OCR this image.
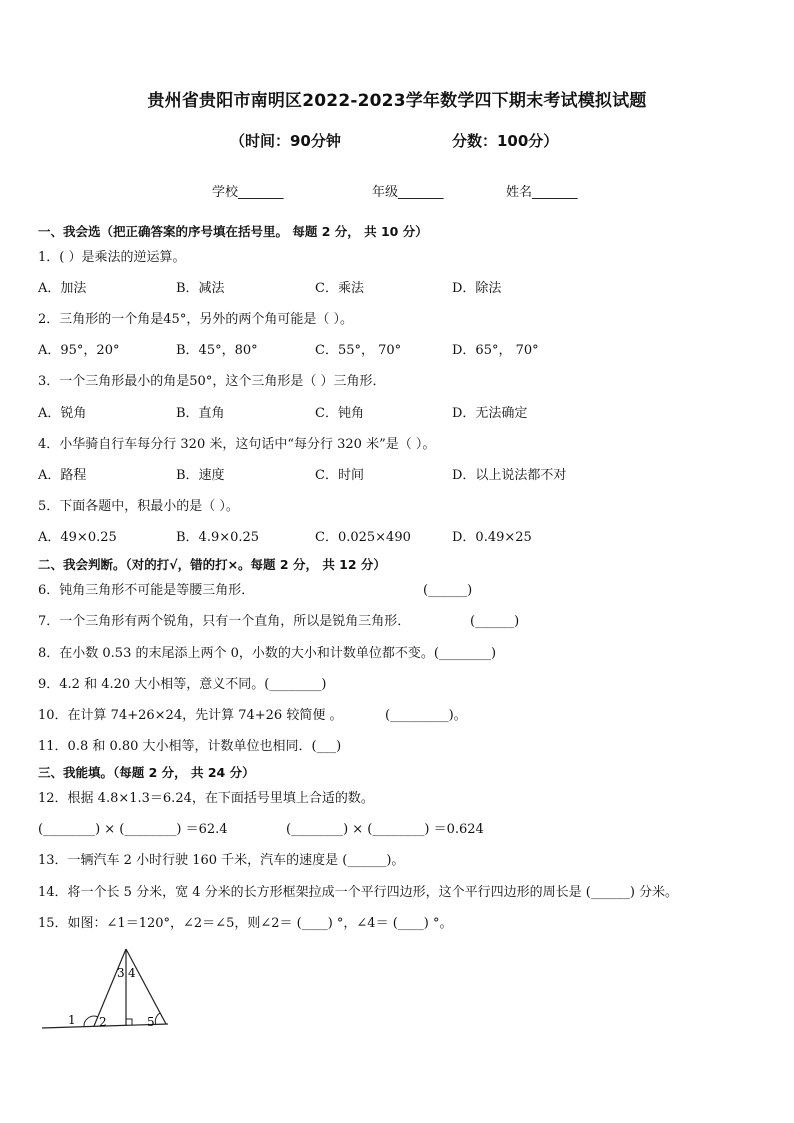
贵州省贵阳市南明区2022-2023学年数学四下期末考试模拟试题
（时间：90分钟	分数：100分）
学校_______	年级_______	姓名_______
一、我会选（把正确答案的序号填在括号里。 每题 2 分， 共 10 分）
1．( ）是乘法的逆运算。
A．加法	B．减法	C．乘法	D．除法
2．三角形的一个角是45°，另外的两个角可能是（ ）。
A．95°，20°	B．45°，80°	C．55°， 70°	D．65°， 70°
3．一个三角形最小的角是50°，这个三角形是（ ）三角形．
A．锐角	B．直角	C．钝角	D．无法确定
4．小华骑自行车每分行 320 米，这句话中“每分行 320 米”是（ ）。
A．路程	B．速度	C．时间	D．以上说法都不对
5．下面各题中，积最小的是（ ）。
A．49×0.25	B．4.9×0.25	C．0.025×490	D．0.49×25
二、我会判断。（对的打√，错的打×。每题 2 分， 共 12 分）
6．钝角三角形不可能是等腰三角形．	(______)
7．一个三角形有两个锐角，只有一个直角，所以是锐角三角形．	(______)
8．在小数 0.53 的末尾添上两个 0，小数的大小和计数单位都不变。(________)
9．4.2 和 4.20 大小相等，意义不同。(________)
10．在计算 74+26×24，先计算 74+26 较简便 。	(_________)。
11．0.8 和 0.80 大小相等，计数单位也相同．(___)
三、我能填。（每题 2 分， 共 24 分）
12．根据 4.8×1.3＝6.24，在下面括号里填上合适的数。
(________) × (________) ＝62.4	(________) × (________) ＝0.624
13．一辆汽车 2 小时行驶 160 千米，汽车的速度是 (______)。
14．将一个长 5 分米，宽 4 分米的长方形框架拉成一个平行四边形，这个平行四边形的周长是 (______) 分米。
15．如图：∠1＝120°，∠2＝∠5，则∠2＝ (____) °，∠4＝ (____) °。
1 2
3 4
5
